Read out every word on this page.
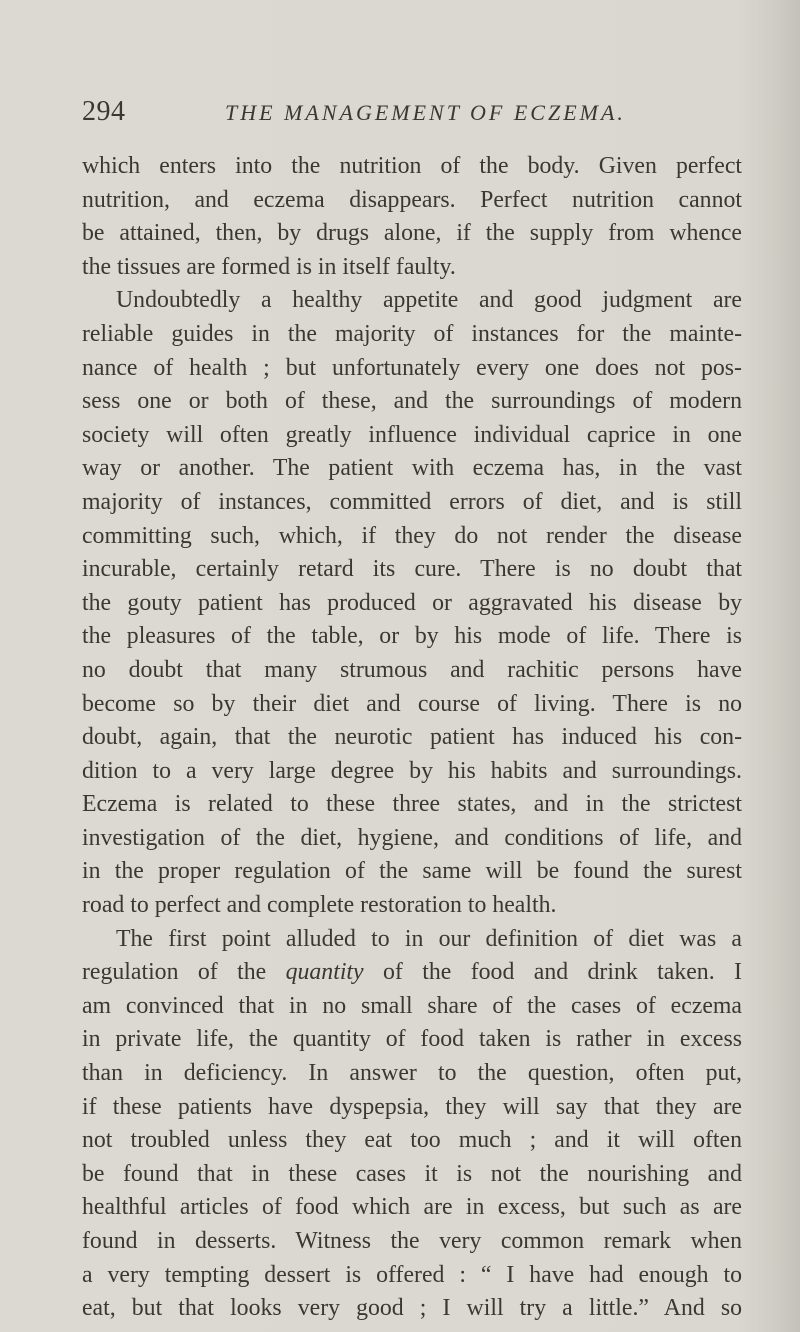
294	THE MANAGEMENT OF ECZEMA.
which enters into the nutrition of the body. Given perfect
nutrition, and eczema disappears. Perfect nutrition cannot
be attained, then, by drugs alone, if the supply from whence
the tissues are formed is in itself faulty.
Undoubtedly a healthy appetite and good judgment are
reliable guides in the majority of instances for the mainte-
nance of health ; but unfortunately every one does not pos-
sess one or both of these, and the surroundings of modern
society will often greatly influence individual caprice in one
way or another. The patient with eczema has, in the vast
majority of instances, committed errors of diet, and is still
committing such, which, if they do not render the disease
incurable, certainly retard its cure. There is no doubt that
the gouty patient has produced or aggravated his disease by
the pleasures of the table, or by his mode of life. There is
no doubt that many strumous and rachitic persons have
become so by their diet and course of living. There is no
doubt, again, that the neurotic patient has induced his con-
dition to a very large degree by his habits and surroundings.
Eczema is related to these three states, and in the strictest
investigation of the diet, hygiene, and conditions of life, and
in the proper regulation of the same will be found the surest
road to perfect and complete restoration to health.
The first point alluded to in our definition of diet was a
regulation of the quantity of the food and drink taken. I
am convinced that in no small share of the cases of eczema
in private life, the quantity of food taken is rather in excess
than in deficiency. In answer to the question, often put,
if these patients have dyspepsia, they will say that they are
not troubled unless they eat too much ; and it will often
be found that in these cases it is not the nourishing and
healthful articles of food which are in excess, but such as are
found in desserts. Witness the very common remark when
a very tempting dessert is offered : “ I have had enough to
eat, but that looks very good ; I will try a little.” And so
